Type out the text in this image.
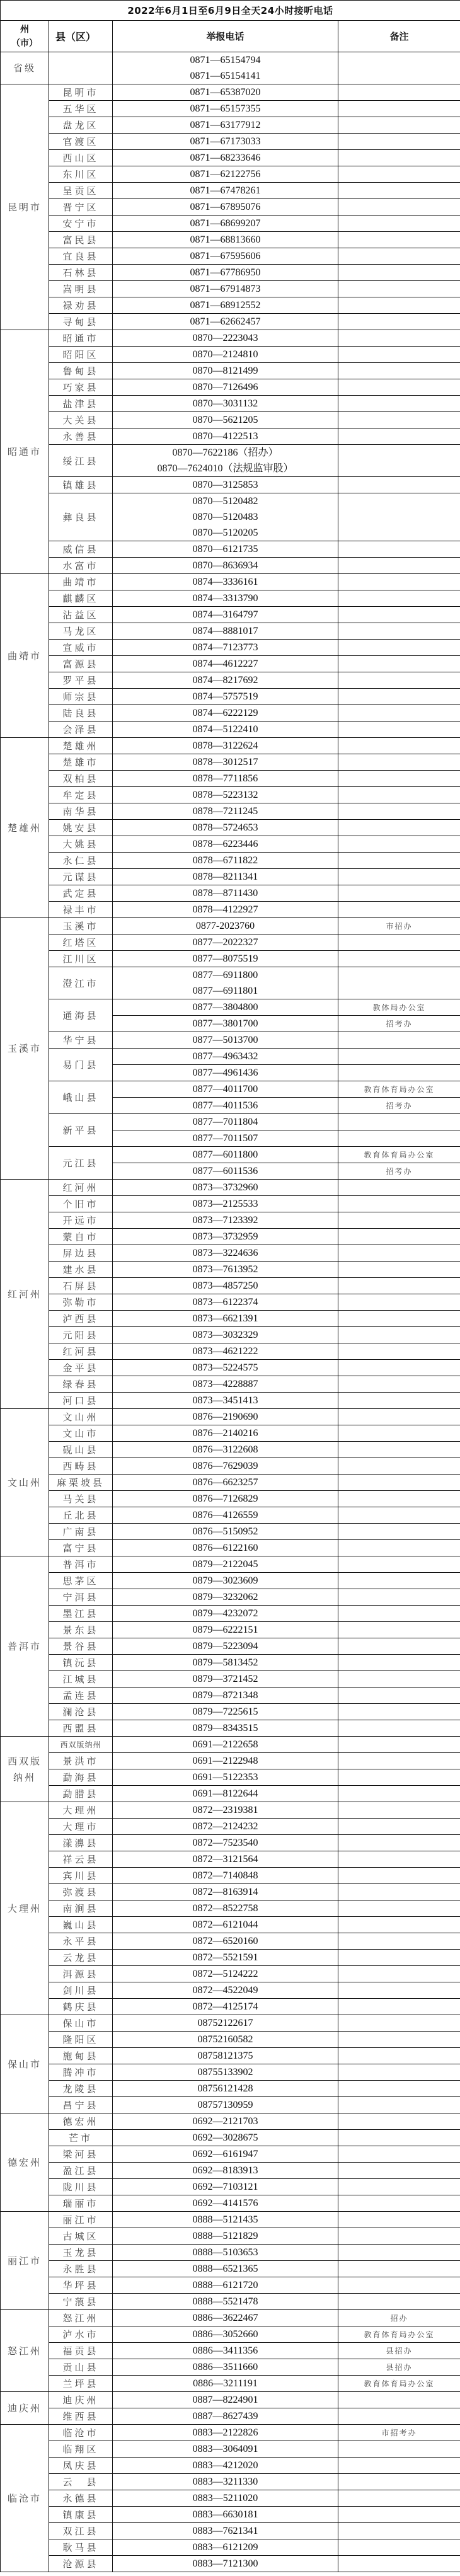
2022年6月1日至6月9日全天24小时接听电话			
州
（市）	县（区）	举报电话	备注
省级		0871—65154794
0871—65154141	

昆明市	昆明市	0871—65387020	

	五华区	0871—65157355	

	盘龙区	0871—63177912	

	官渡区	0871—67173033	

	西山区	0871—68233646	

	东川区	0871—62122756	

	呈贡区	0871—67478261	

	晋宁区	0871—67895076	

	安宁市	0871—68699207	

	富民县	0871—68813660	

	宜良县	0871—67595606	

	石林县	0871—67786950	

	嵩明县	0871—67914873	

	禄劝县	0871—68912552	

	寻甸县	0871—62662457	

昭通市	昭通市	0870—2223043	

	昭阳区	0870—2124810	

	鲁甸县	0870—8121499	

	巧家县	0870—7126496	

	盐津县	0870—3031132	

	大关县	0870—5621205	

	永善县	0870—4122513	

	绥江县	0870—7622186（招办）
0870—7624010（法规监审股）	

	镇雄县	0870—3125853	

	彝良县	0870—5120482
0870—5120483
0870—5120205	

	威信县	0870—6121735	

	水富市	0870—8636934	

曲靖市	曲靖市	0874—3336161	

	麒麟区	0874—3313790	

	沾益区	0874—3164797	

	马龙区	0874—8881017	

	宣威市	0874—7123773	

	富源县	0874—4612227	

	罗平县	0874—8217692	

	师宗县	0874—5757519	

	陆良县	0874—6222129	

	会泽县	0874—5122410	

楚雄州	楚雄州	0878—3122624	

	楚雄市	0878—3012517	

	双柏县	0878—7711856	

	牟定县	0878—5223132	

	南华县	0878—7211245	

	姚安县	0878—5724653	

	大姚县	0878—6223446	

	永仁县	0878—6711822	

	元谋县	0878—8211341	

	武定县	0878—8711430	

	禄丰市	0878—4122927	

玉溪市	玉溪市	0877-2023760	市招办
	红塔区	0877—2022327	

	江川区	0877—8075519	

	澄江市	0877—6911800
0877—6911801	

	通海县	0877—3804800	教体局办公室

		0877—3801700	招考办
	华宁县	0877—5013700	

	易门县	0877—4963432	

		0877—4961436	

	峨山县	0877—4011700	教育体育局办公室

		0877—4011536	招考办
	新平县	0877—7011804	

		0877—7011507	

	元江县	0877—6011800	教育体育局办公室

		0877—6011536	招考办
红河州	红河州	0873—3732960	

	个旧市	0873—2125533	

	开远市	0873—7123392	

	蒙自市	0873—3732959	

	屏边县	0873—3224636	

	建水县	0873—7613952	

	石屏县	0873—4857250	

	弥勒市	0873—6122374	

	泸西县	0873—6621391	

	元阳县	0873—3032329	

	红河县	0873—4621222	

	金平县	0873—5224575	

	绿春县	0873—4228887	

	河口县	0873—3451413	

文山州	文山州	0876—2190690	

	文山市	0876—2140216	

	砚山县	0876—3122608	

	西畴县	0876—7629039	

	麻栗坡县	0876—6623257	

	马关县	0876—7126829	

	丘北县	0876—4126559	

	广南县	0876—5150952	

	富宁县	0876—6122160	

普洱市	普洱市	0879—2122045	

	思茅区	0879—3023609	

	宁洱县	0879—3232062	

	墨江县	0879—4232072	

	景东县	0879—6222151	

	景谷县	0879—5223094	

	镇沅县	0879—5813452	

	江城县	0879—3721452	

	孟连县	0879—8721348	

	澜沧县	0879—7225615	

	西盟县	0879—8343515	

西双版纳州	西双版纳州	0691—2122658	

	景洪市	0691—2122948	

	勐海县	0691—5122353	

	勐腊县	0691—8122644	

大理州	大理州	0872—2319381	

	大理市	0872—2124232	

	漾濞县	0872—7523540	

	祥云县	0872—3121564	

	宾川县	0872—7140848	

	弥渡县	0872—8163914	

	南涧县	0872—8522758	

	巍山县	0872—6121044	

	永平县	0872—6520160	

	云龙县	0872—5521591	

	洱源县	0872—5124222	

	剑川县	0872—4522049	

	鹤庆县	0872—4125174	

保山市	保山市	08752122617	

	隆阳区	08752160582	

	施甸县	08758121375	

	腾冲市	08755133902	

	龙陵县	08756121428	

	昌宁县	08757130959	

德宏州	德宏州	0692—2121703	

	芒市	0692—3028675	

	梁河县	0692—6161947	

	盈江县	0692—8183913	

	陇川县	0692—7103121	

	瑞丽市	0692—4141576	

丽江市	丽江市	0888—5121435	

	古城区	0888—5121829	

	玉龙县	0888—5103653	

	永胜县	0888—6521365	

	华坪县	0888—6121720	

	宁蒗县	0888—5521478	

怒江州	怒江州	0886—3622467	招办
	泸水市	0886—3052660	教育体育局办公室
	福贡县	0886—3411356	县招办
	贡山县	0886—3511660	县招办
	兰坪县	0886—3211191	教育体育局办公室
迪庆州	迪庆州	0887—8224901	

	维西县	0887—8627439	

临沧市	临沧市	0883—2122826	市招考办
	临翔区	0883—3064091	

	凤庆县	0883—4212020	

	云　县	0883—3211330	

	永德县	0883—5211020	

	镇康县	0883—6630181	

	双江县	0883—7621341	

	耿马县	0883—6121209	

	沧源县	0883—7121300	
